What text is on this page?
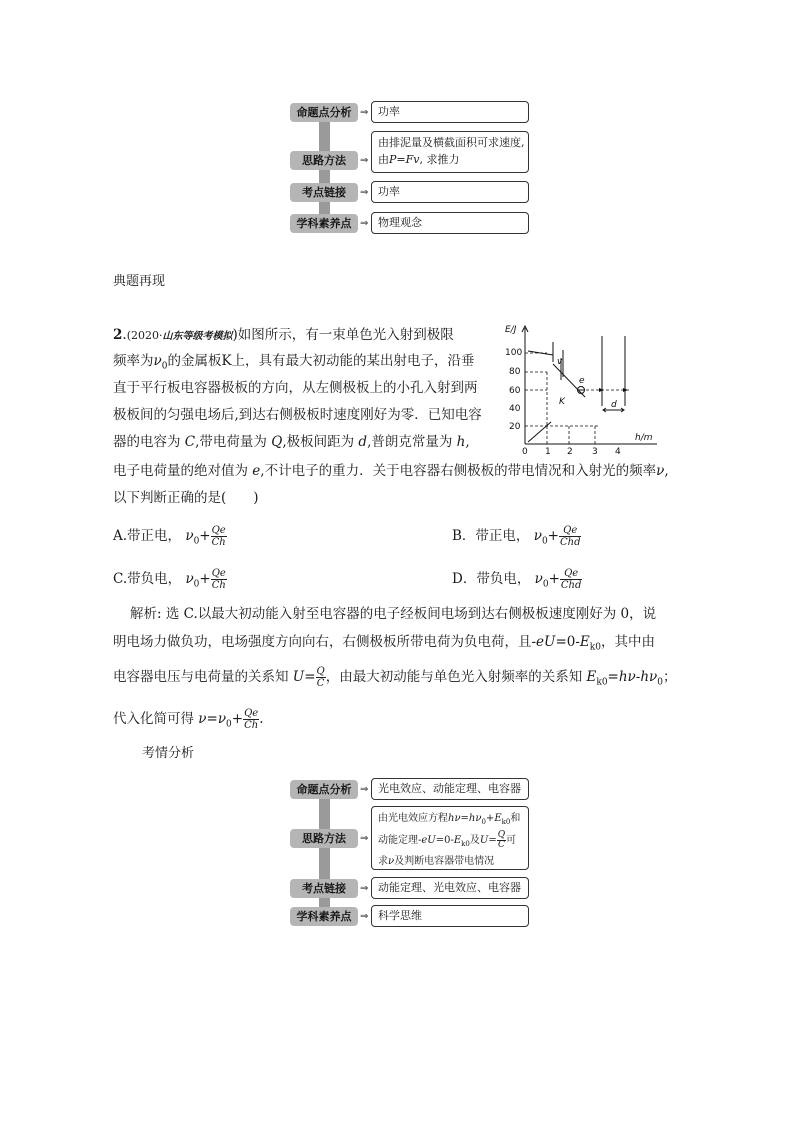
命题点分析 ⇒ 功率
思路方法	⇒
由排泥量及横截面积可求速度,
由P=Fv, 求推力
考点链接	⇒ 功率
学科素养点 ⇒ 物理观念
典题再现
2.(2020·山东等级考模拟)如图所示，有一束单色光入射到极限
频率为$\nu_0$的金属板K上，具有最大初动能的某出射电子，沿垂
直于平行板电容器极板的方向，从左侧极板上的小孔入射到两
极板间的匀强电场后,到达右侧极板时速度刚好为零．已知电容
器的电容为 C,带电荷量为 Q,极板间距为 d,普朗克常量为 h,
电子电荷量的绝对值为 e,不计电子的重力．关于电容器右侧极板的带电情况和入射光的频率ν,
以下判断正确的是(　　)
E/J
100
80
60
40
20
0 1 2 3 4
h/m
v
e
K	d
A.带正电， $\nu_0+ \frac{Qe}{Ch}$	B．带正电， $\nu_0+ \frac{Qe}{\text{Chd}}$
C.带负电， $\nu_0+ \frac{Qe}{Ch}$	D．带负电， $\nu_0+ \frac{Qe}{\text{Chd}}$
解析: 选 C.以最大初动能入射至电容器的电子经板间电场到达右侧极板速度刚好为 0，说
明电场力做负功，电场强度方向向右，右侧极板所带电荷为负电荷，且$-eU=0-E_{k0}$，其中由
电容器电压与电荷量的关系知 $U= \frac{Q}{C}$ ，由最大初动能与单色光入射频率的关系知 $E_{k0}=h\nu-h\nu_0$；
代入化简可得 $\nu=\nu_0+ \frac{Qe}{Ch}$ .
考情分析
命题点分析 ⇒ 光电效应、动能定理、电容器
思路方法	⇒
由光电效应方程$h\nu=h\nu_0+E_{k0}$和
动能定理$-eU=0-E_{k0}$及$U= \frac{Q}{C}$ 可
求ν及判断电容器带电情况
考点链接	⇒ 动能定理、光电效应、电容器
学科素养点 ⇒ 科学思维
